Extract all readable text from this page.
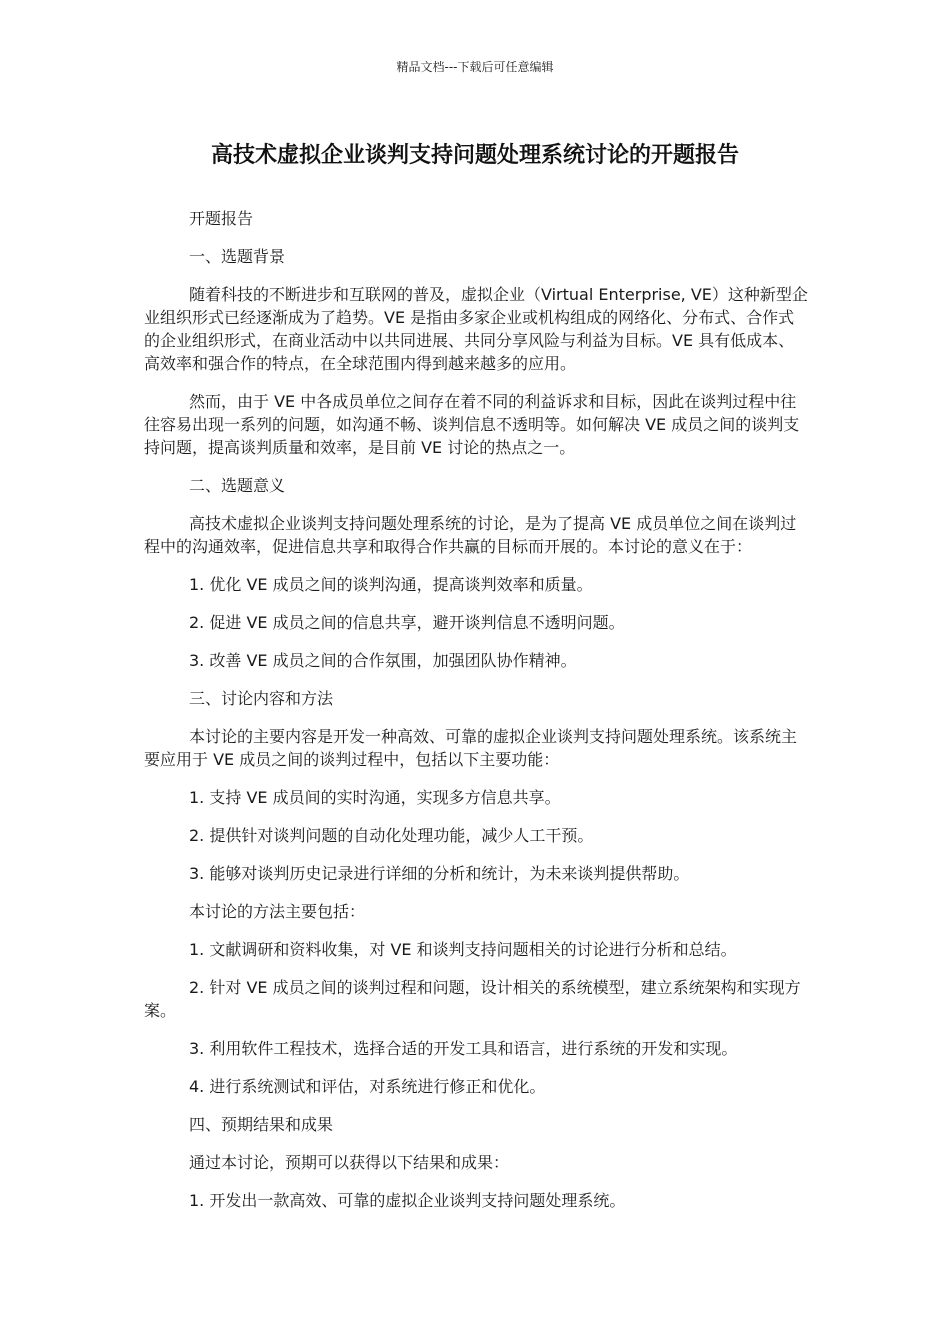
精品文档---下载后可任意编辑
高技术虚拟企业谈判支持问题处理系统讨论的开题报告

开题报告

一、选题背景

随着科技的不断进步和互联网的普及，虚拟企业（Virtual Enterprise, VE）这种新型企业组织形式已经逐渐成为了趋势。VE 是指由多家企业或机构组成的网络化、分布式、合作式的企业组织形式，在商业活动中以共同进展、共同分享风险与利益为目标。VE 具有低成本、高效率和强合作的特点，在全球范围内得到越来越多的应用。

然而，由于 VE 中各成员单位之间存在着不同的利益诉求和目标，因此在谈判过程中往往容易出现一系列的问题，如沟通不畅、谈判信息不透明等。如何解决 VE 成员之间的谈判支持问题，提高谈判质量和效率，是目前 VE 讨论的热点之一。

二、选题意义

高技术虚拟企业谈判支持问题处理系统的讨论，是为了提高 VE 成员单位之间在谈判过程中的沟通效率，促进信息共享和取得合作共赢的目标而开展的。本讨论的意义在于：

1. 优化 VE 成员之间的谈判沟通，提高谈判效率和质量。

2. 促进 VE 成员之间的信息共享，避开谈判信息不透明问题。

3. 改善 VE 成员之间的合作氛围，加强团队协作精神。

三、讨论内容和方法

本讨论的主要内容是开发一种高效、可靠的虚拟企业谈判支持问题处理系统。该系统主要应用于 VE 成员之间的谈判过程中，包括以下主要功能：

1. 支持 VE 成员间的实时沟通，实现多方信息共享。

2. 提供针对谈判问题的自动化处理功能，减少人工干预。

3. 能够对谈判历史记录进行详细的分析和统计，为未来谈判提供帮助。

本讨论的方法主要包括：

1. 文献调研和资料收集，对 VE 和谈判支持问题相关的讨论进行分析和总结。

2. 针对 VE 成员之间的谈判过程和问题，设计相关的系统模型，建立系统架构和实现方案。

3. 利用软件工程技术，选择合适的开发工具和语言，进行系统的开发和实现。

4. 进行系统测试和评估，对系统进行修正和优化。

四、预期结果和成果

通过本讨论，预期可以获得以下结果和成果：

1. 开发出一款高效、可靠的虚拟企业谈判支持问题处理系统。
